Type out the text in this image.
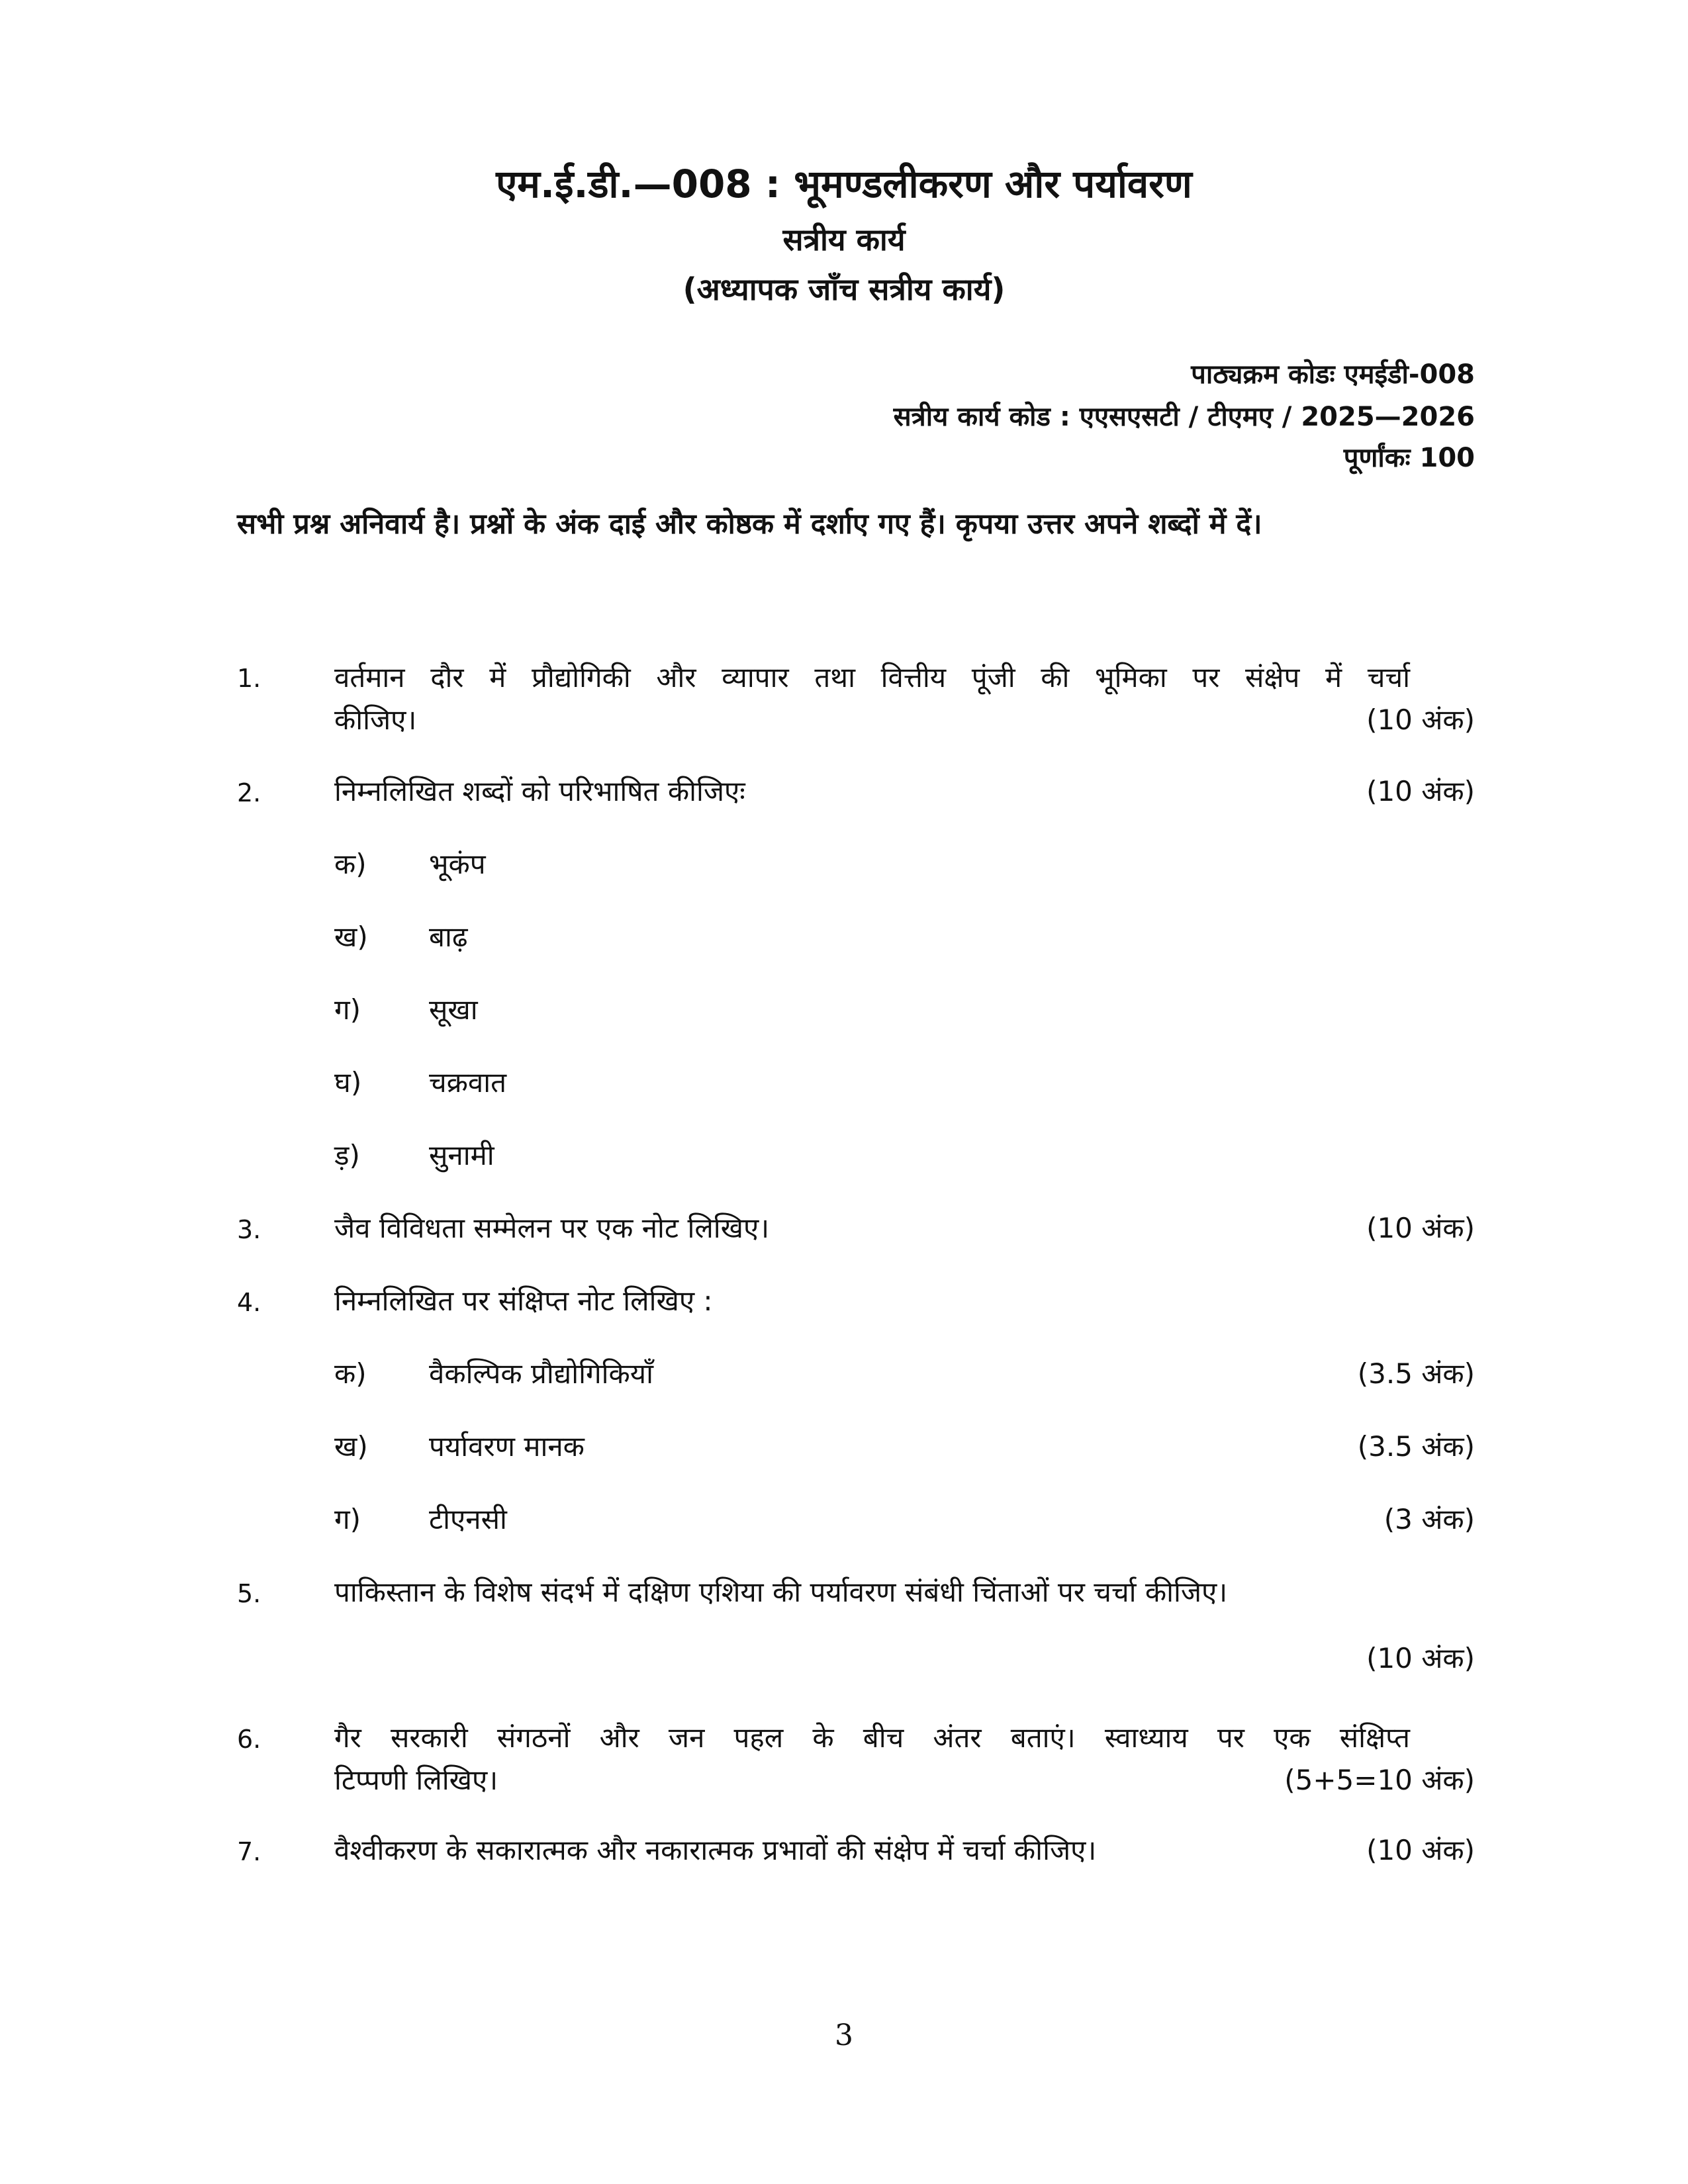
एम.ई.डी.—008 : भूमण्डलीकरण और पर्यावरण
सत्रीय कार्य
(अध्यापक जाँच सत्रीय कार्य)
पाठ्यक्रम कोडः एमईडी-008
सत्रीय कार्य कोड : एएसएसटी / टीएमए / 2025—2026
पूर्णांकः 100
सभी प्रश्न अनिवार्य है। प्रश्नों के अंक दाई और कोष्ठक में दर्शाए गए हैं। कृपया उत्तर अपने शब्दों में दें।
1.	वर्तमान दौर में प्रौद्योगिकी और व्यापार तथा वित्तीय पूंजी की भूमिका पर संक्षेप में चर्चा
कीजिए।	(10 अंक)
2.	निम्नलिखित शब्दों को परिभाषित कीजिएः	(10 अंक)
क) भूकंप
ख) बाढ़
ग) सूखा
घ) चक्रवात
ड़) सुनामी
3.	जैव विविधता सम्मेलन पर एक नोट लिखिए।	(10 अंक)
4.	निम्नलिखित पर संक्षिप्त नोट लिखिए :
क) वैकल्पिक प्रौद्योगिकियाँ	(3.5 अंक)
ख) पर्यावरण मानक	(3.5 अंक)
ग) टीएनसी	(3 अंक)
5.	पाकिस्तान के विशेष संदर्भ में दक्षिण एशिया की पर्यावरण संबंधी चिंताओं पर चर्चा कीजिए।
(10 अंक)
6.	गैर सरकारी संगठनों और जन पहल के बीच अंतर बताएं। स्वाध्याय पर एक संक्षिप्त
टिप्पणी लिखिए।	(5+5=10 अंक)
7.	वैश्वीकरण के सकारात्मक और नकारात्मक प्रभावों की संक्षेप में चर्चा कीजिए।	(10 अंक)
3
